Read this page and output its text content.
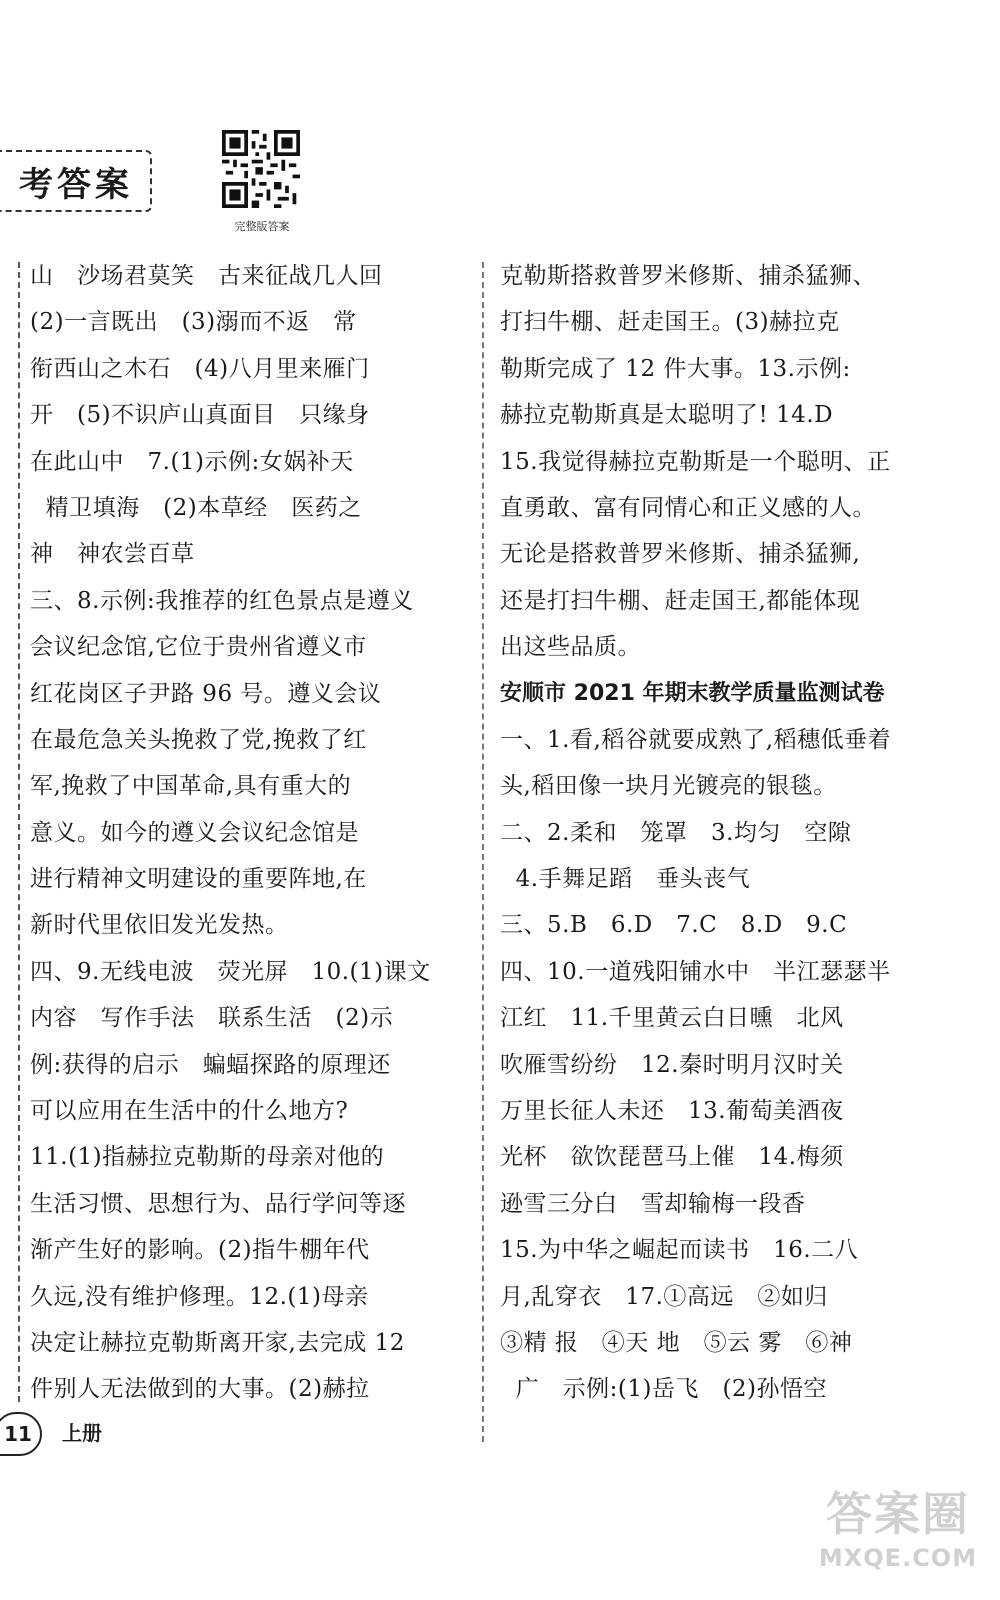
考答案
完整版答案
山　沙场君莫笑　古来征战几人回
(2)一言既出　(3)溺而不返　常
衔西山之木石　(4)八月里来雁门
开　(5)不识庐山真面目　只缘身
在此山中　7.(1)示例:女娲补天
精卫填海　(2)本草经　医药之
神　神农尝百草
三、8.示例:我推荐的红色景点是遵义
会议纪念馆,它位于贵州省遵义市
红花岗区子尹路 96 号。遵义会议
在最危急关头挽救了党,挽救了红
军,挽救了中国革命,具有重大的
意义。如今的遵义会议纪念馆是
进行精神文明建设的重要阵地,在
新时代里依旧发光发热。
四、9.无线电波　荧光屏　10.(1)课文
内容　写作手法　联系生活　(2)示
例:获得的启示　蝙蝠探路的原理还
可以应用在生活中的什么地方?
11.(1)指赫拉克勒斯的母亲对他的
生活习惯、思想行为、品行学问等逐
渐产生好的影响。(2)指牛棚年代
久远,没有维护修理。12.(1)母亲
决定让赫拉克勒斯离开家,去完成 12
件别人无法做到的大事。(2)赫拉
克勒斯搭救普罗米修斯、捕杀猛狮、
打扫牛棚、赶走国王。(3)赫拉克
勒斯完成了 12 件大事。13.示例:
赫拉克勒斯真是太聪明了! 14.D
15.我觉得赫拉克勒斯是一个聪明、正
直勇敢、富有同情心和正义感的人。
无论是搭救普罗米修斯、捕杀猛狮,
还是打扫牛棚、赶走国王,都能体现
出这些品质。
安顺市 2021 年期末教学质量监测试卷
一、1.看,稻谷就要成熟了,稻穗低垂着
头,稻田像一块月光镀亮的银毯。
二、2.柔和　笼罩　3.均匀　空隙
4.手舞足蹈　垂头丧气
三、5.B　6.D　7.C　8.D　9.C
四、10.一道残阳铺水中　半江瑟瑟半
江红　11.千里黄云白日曛　北风
吹雁雪纷纷　12.秦时明月汉时关
万里长征人未还　13.葡萄美酒夜
光杯　欲饮琵琶马上催　14.梅须
逊雪三分白　雪却输梅一段香
15.为中华之崛起而读书　16.二八
月,乱穿衣　17.①高远　②如归
③精 报　④天 地　⑤云 雾　⑥神
广　示例:(1)岳飞　(2)孙悟空
11 上册
答案圈
MXQE.COM
